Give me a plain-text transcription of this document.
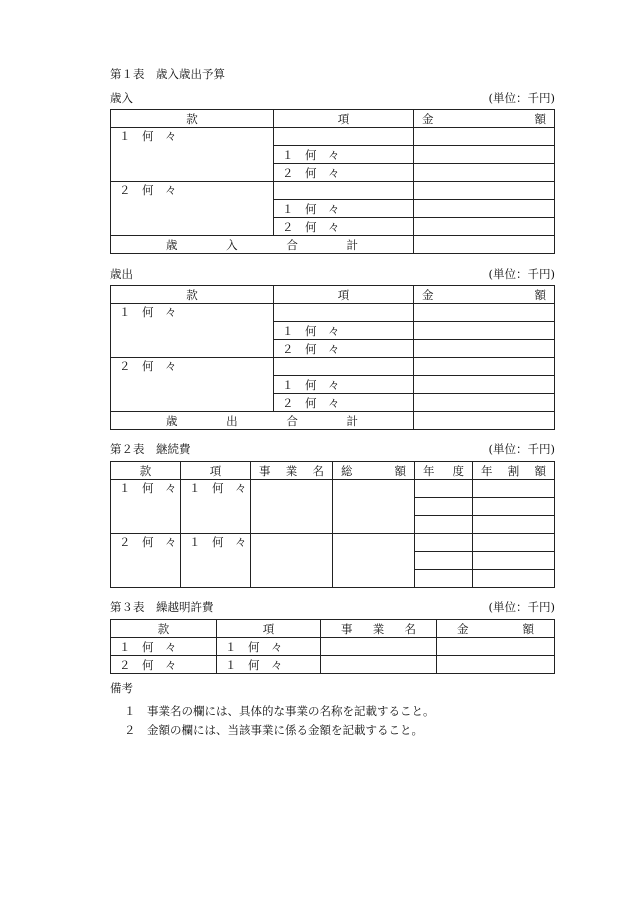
第１表　歳入歳出予算
歳入	(単位：千円)
款	項	金 額

１　何　々		
	１　何　々	
	２　何　々	
２　何　々		
	１　何　々	
	２　何　々	

歳 入 合 計		

歳出	(単位：千円)
款	項	金 額

１　何　々		
	１　何　々	
	２　何　々	
２　何　々		
	１　何　々	
	２　何　々	

歳 出 合 計		

第２表　継続費	(単位：千円)
款	項	事 業 名	総 額	年 度	年 割 額

１　何　々	１　何　々				

２　何　々	１　何　々				

第３表　繰越明許費	(単位：千円)
款	項	事 業 名	金 額

１　何　々	１　何　々		
２　何　々	１　何　々		
備考
１　事業名の欄には、具体的な事業の名称を記載すること。
２　金額の欄には、当該事業に係る金額を記載すること。
